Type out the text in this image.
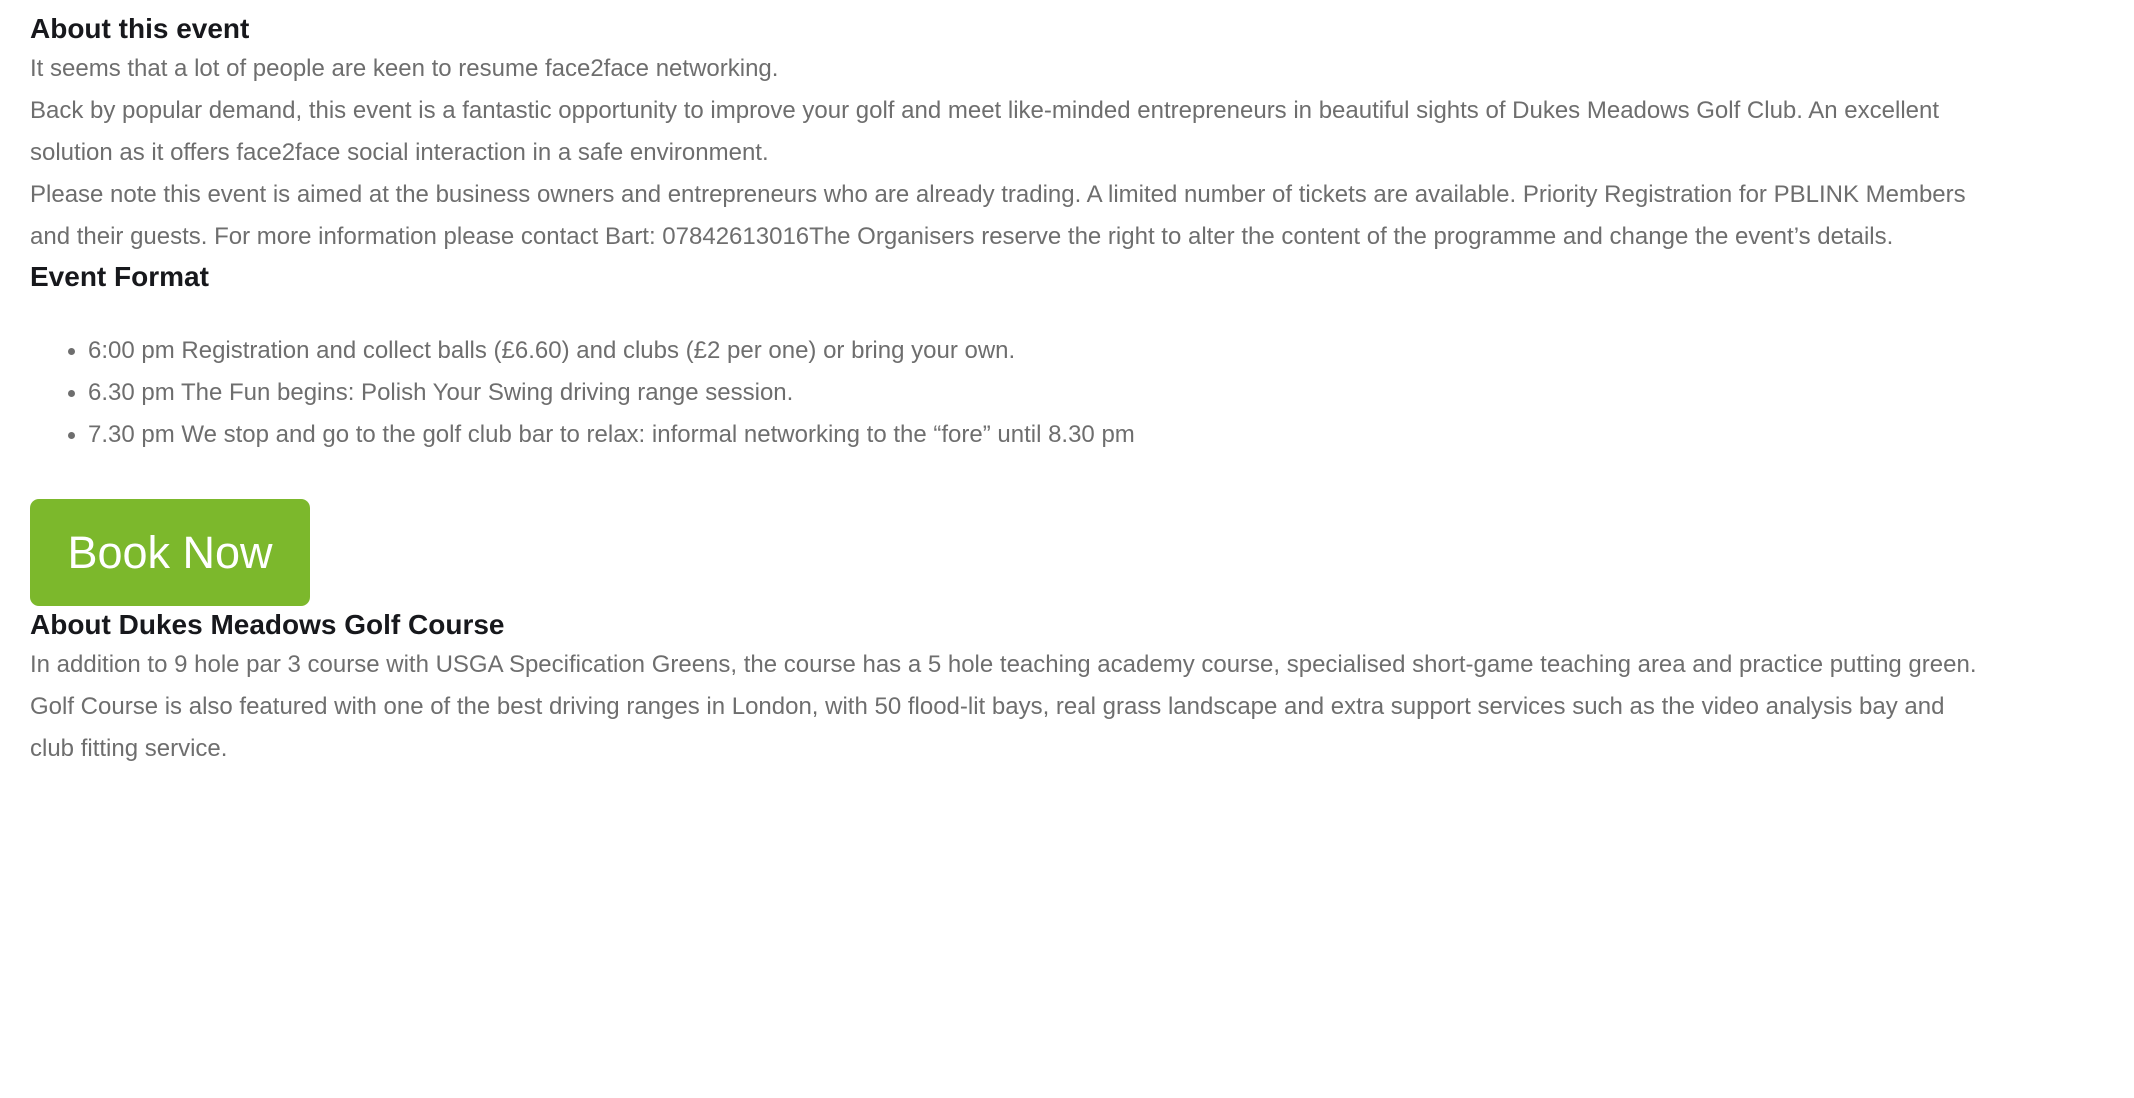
About this event

It seems that a lot of people are keen to resume face2face networking.

Back by popular demand, this event is a fantastic opportunity to improve your golf and meet like-minded entrepreneurs in beautiful sights of Dukes Meadows Golf Club. An excellent solution as it offers face2face social interaction in a safe environment.

Please note this event is aimed at the business owners and entrepreneurs who are already trading. A limited number of tickets are available. Priority Registration for PBLINK Members and their guests. For more information please contact Bart: 07842613016The Organisers reserve the right to alter the content of the programme and change the event’s details.

Event Format
• 6:00 pm Registration and collect balls (£6.60) and clubs (£2 per one) or bring your own.
• 6.30 pm The Fun begins: Polish Your Swing driving range session.
• 7.30 pm We stop and go to the golf club bar to relax: informal networking to the “fore” until 8.30 pm
Book Now
About Dukes Meadows Golf Course

In addition to 9 hole par 3 course with USGA Specification Greens, the course has a 5 hole teaching academy course, specialised short-game teaching area and practice putting green. Golf Course is also featured with one of the best driving ranges in London, with 50 flood-lit bays, real grass landscape and extra support services such as the video analysis bay and club fitting service.
